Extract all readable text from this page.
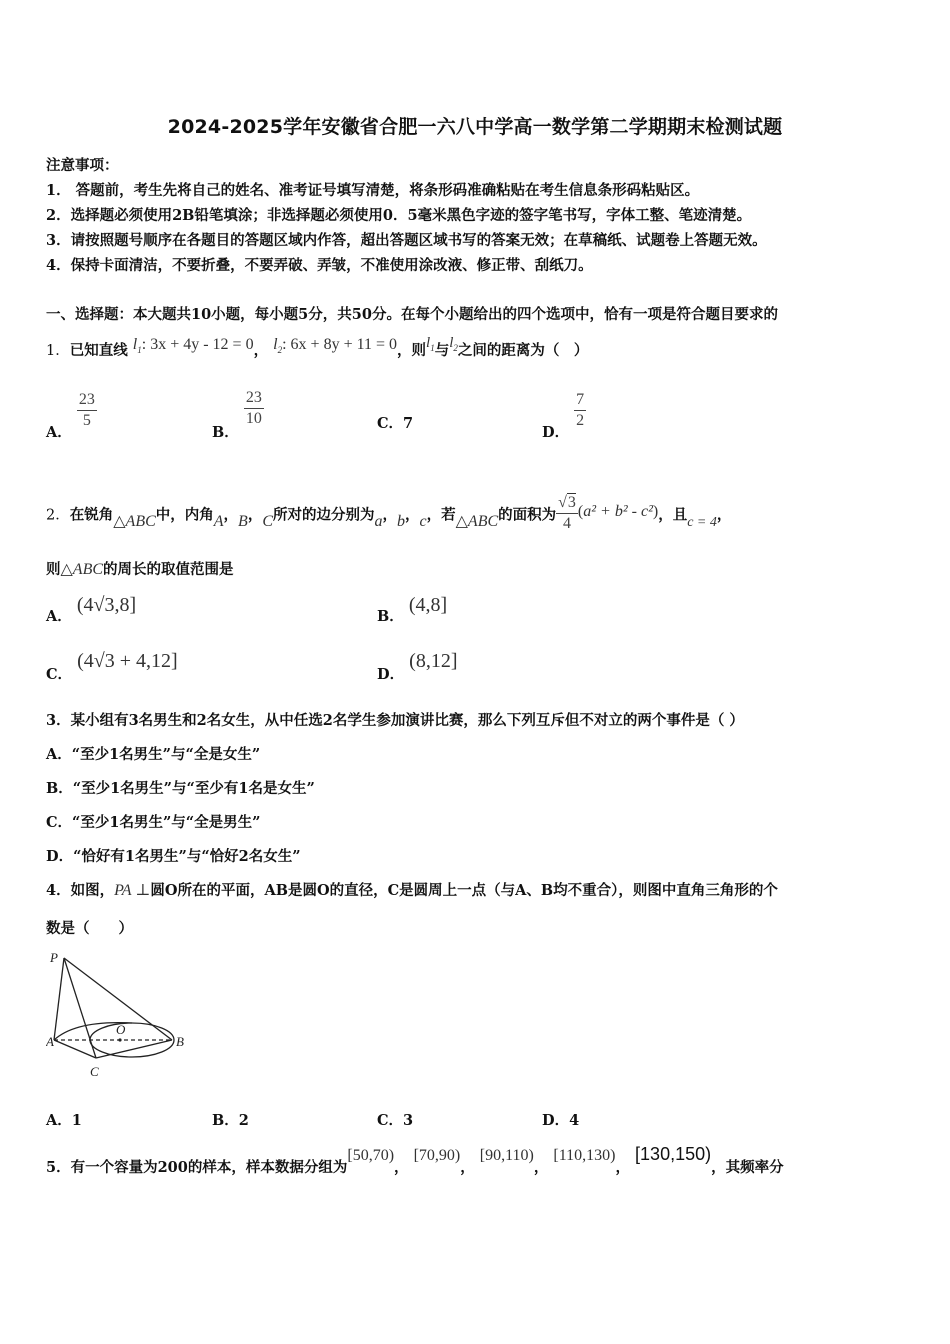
2024-2025学年安徽省合肥一六八中学高一数学第二学期期末检测试题
注意事项：
1． 答题前，考生先将自己的姓名、准考证号填写清楚，将条形码准确粘贴在考生信息条形码粘贴区。
2．选择题必须使用2B铅笔填涂；非选择题必须使用0．5毫米黑色字迹的签字笔书写，字体工整、笔迹清楚。
3．请按照题号顺序在各题目的答题区域内作答，超出答题区域书写的答案无效；在草稿纸、试题卷上答题无效。
4．保持卡面清洁，不要折叠，不要弄破、弄皱，不准使用涂改液、修正带、刮纸刀。
一、选择题：本大题共10小题，每小题5分，共50分。在每个小题给出的四个选项中，恰有一项是符合题目要求的
1．已知直线 $l_1$: 3x + 4y - 12 = 0， $l_2$: 6x + 8y + 11 = 0，则$l_1$与$l_2$之间的距离为（　）
A．
$\frac{23}{5}$
B．
$\frac{23}{10}$	C．7
D．
$\frac{7}{2}$
2．在锐角△ABC中，内角A，B，C所对的边分别为a，b，c，若△ABC的面积为 $\frac{√3}{4} (a^2 + b^2 - c^2)$，且c = 4，
则△ABC的周长的取值范围是
A． (4√3,8]
B． (4,8]
C． (4√3 + 4,12]
D． (8,12]
3．某小组有3名男生和2名女生，从中任选2名学生参加演讲比赛，那么下列互斥但不对立的两个事件是（ ）
A．“至少1名男生”与“全是女生”
B．“至少1名男生”与“至少有1名是女生”
C．“至少1名男生”与“全是男生”
D．“恰好有1名男生”与“恰好2名女生”
4．如图，PA ⊥圆O所在的平面，AB是圆O的直径，C是圆周上一点（与A、B均不重合），则图中直角三角形的个
数是（　　）
P
O
A	B
C
A．1	B．2	C．3	D．4
5．有一个容量为200的样本，样本数据分组为[50,70)， [70,90)， [90,110)， [110,130)， [130,150)，其频率分
